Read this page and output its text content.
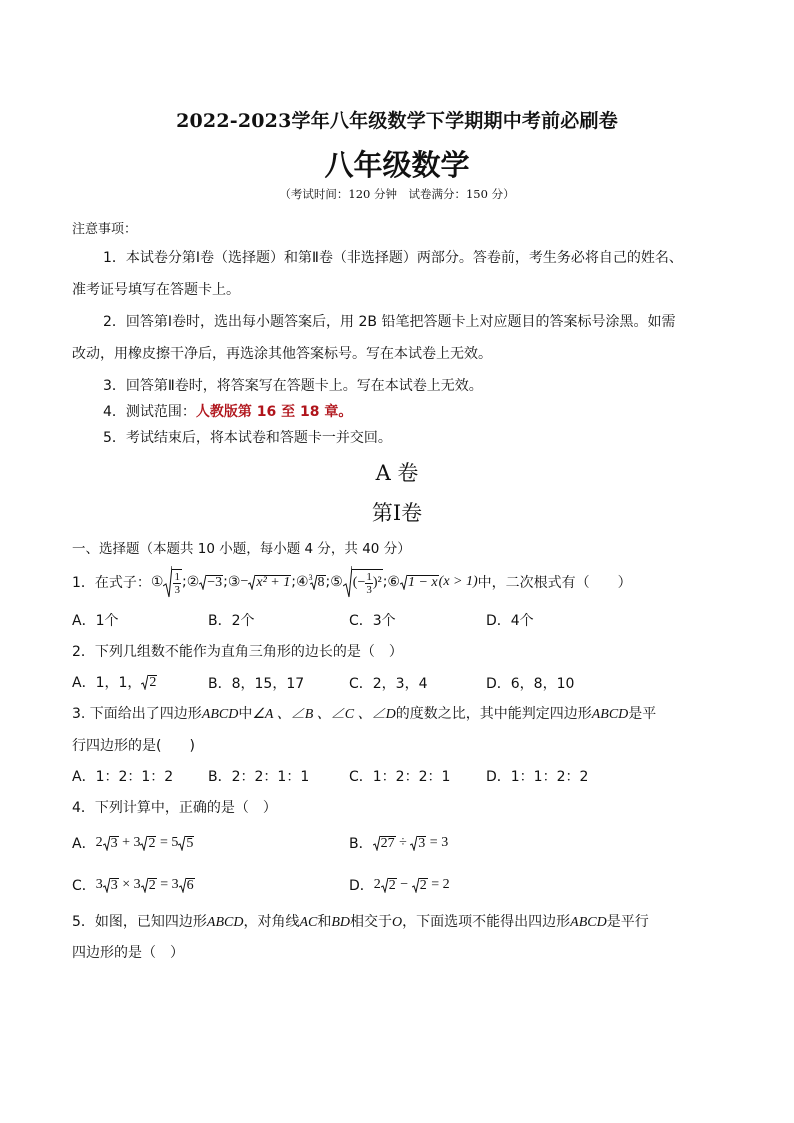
2022-2023学年八年级数学下学期期中考前必刷卷
八年级数学
（考试时间：120 分钟　试卷满分：150 分）
注意事项：
1．本试卷分第Ⅰ卷（选择题）和第Ⅱ卷（非选择题）两部分。答卷前，考生务必将自己的姓名、
准考证号填写在答题卡上。
2．回答第Ⅰ卷时，选出每小题答案后，用 2B 铅笔把答题卡上对应题目的答案标号涂黑。如需
改动，用橡皮擦干净后，再选涂其他答案标号。写在本试卷上无效。
3．回答第Ⅱ卷时，将答案写在答题卡上。写在本试卷上无效。
4．测试范围：人教版第 16 至 18 章。
5．考试结束后，将本试卷和答题卡一并交回。
A 卷
第Ⅰ卷
一、选择题（本题共 10 小题，每小题 4 分，共 40 分）
1．在式子： ① $\frac{1}{3}$ ; ② −3 ; ③ − x² + 1 ; ④ 3 8 ; ⑤ (− $\frac{1}{3} )^2$ ; ⑥ 1 − x (x > 1) 中，二次根式有（　　）
A．1个	B．2个	C．3个	D．4个
2．下列几组数不能作为直角三角形的边长的是（　）
A．1，1， 2	B．8，15，17	C．2，3，4	D．6，8，10
3. 下面给出了四边形ABCD中∠A 、∠B 、∠C 、∠D的度数之比，其中能判定四边形ABCD是平
行四边形的是(　　)
A．1：2：1：2 B．2：2：1：1	C．1：2：2：1	D．1：1：2：2
4．下列计算中，正确的是（　）
A． 2 3 + 3 2 = 5 5	B． 27 ÷ 3 = 3
C． 3 3 × 3 2 = 3 6	D． 2 2 − 2 = 2
5．如图，已知四边形ABCD，对角线AC和BD相交于O，下面选项不能得出四边形ABCD是平行
四边形的是（　）
